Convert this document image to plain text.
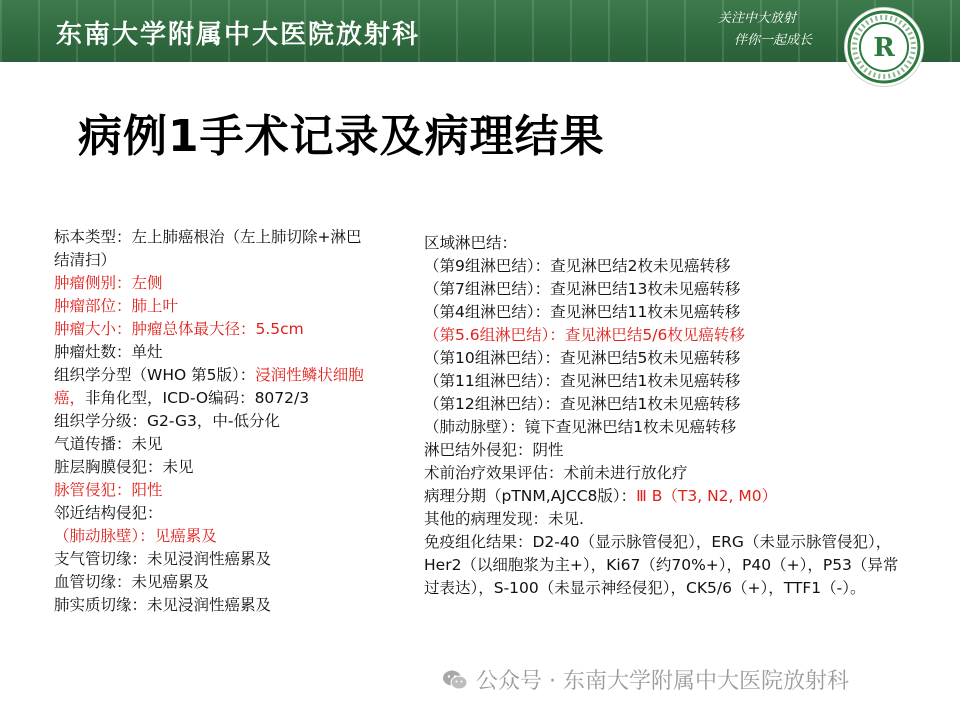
东南大学附属中大医院放射科
关注中大放射
伴你一起成长	R
病例1手术记录及病理结果
标本类型：左上肺癌根治（左上肺切除+淋巴结清扫）
肿瘤侧别：左侧
肿瘤部位：肺上叶
肿瘤大小：肿瘤总体最大径：5.5cm
肿瘤灶数：单灶
组织学分型（WHO 第5版）：浸润性鳞状细胞癌，非角化型，ICD-O编码：8072/3
组织学分级：G2-G3，中-低分化
气道传播：未见
脏层胸膜侵犯：未见
脉管侵犯：阳性
邻近结构侵犯：
（肺动脉壁）：见癌累及
支气管切缘：未见浸润性癌累及
血管切缘：未见癌累及
肺实质切缘：未见浸润性癌累及
区域淋巴结：
（第9组淋巴结）：查见淋巴结2枚未见癌转移
（第7组淋巴结）：查见淋巴结13枚未见癌转移
（第4组淋巴结）：查见淋巴结11枚未见癌转移
（第5.6组淋巴结）：查见淋巴结5/6枚见癌转移
（第10组淋巴结）：查见淋巴结5枚未见癌转移
（第11组淋巴结）：查见淋巴结1枚未见癌转移
（第12组淋巴结）：查见淋巴结1枚未见癌转移
（肺动脉壁）：镜下查见淋巴结1枚未见癌转移
淋巴结外侵犯：阴性
术前治疗效果评估：术前未进行放化疗
病理分期（pTNM,AJCC8版）：Ⅲ B（T3, N2, M0）
其他的病理发现：未见.
免疫组化结果：D2-40（显示脉管侵犯），ERG（未显示脉管侵犯），Her2（以细胞浆为主+），Ki67（约70%+），P40（+），P53（异常过表达），S-100（未显示神经侵犯），CK5/6（+），TTF1（-）。
公众号 · 东南大学附属中大医院放射科
